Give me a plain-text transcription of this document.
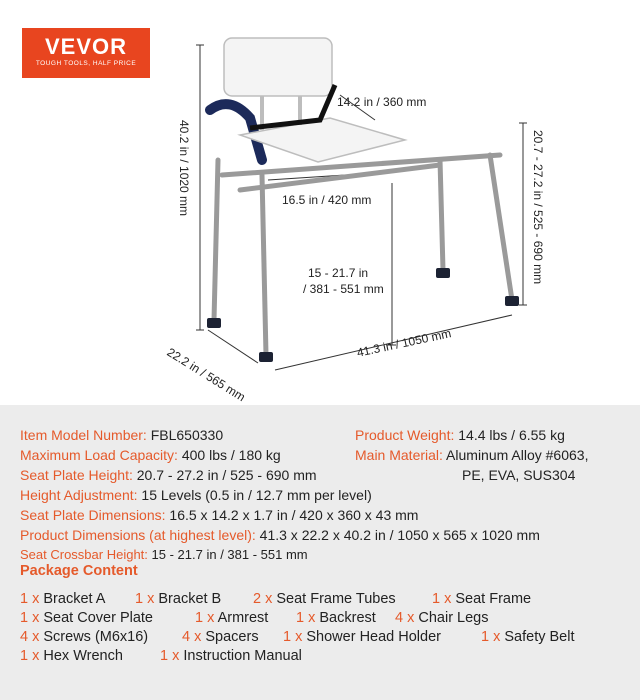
VEVOR
TOUGH TOOLS, HALF PRICE
14.2 in / 360 mm
16.5 in / 420 mm
15 - 21.7 in
/ 381 - 551 mm
41.3 in / 1050 mm
22.2 in / 565 mm
40.2 in / 1020 mm	20.7 - 27.2 in / 525 - 690 mm
Item Model Number: FBL650330	Product Weight: 14.4 lbs / 6.55 kg
Maximum Load Capacity: 400 lbs / 180 kg	Main Material: Aluminum Alloy #6063,
PE, EVA, SUS304
Seat Plate Height: 20.7 - 27.2 in / 525 - 690 mm
Height Adjustment: 15 Levels (0.5 in / 12.7 mm per level)
Seat Plate Dimensions: 16.5 x 14.2 x 1.7 in / 420 x 360 x 43 mm
Product Dimensions (at highest level): 41.3 x 22.2 x 40.2 in / 1050 x 565 x 1020 mm
Seat Crossbar Height: 15 - 21.7 in / 381 - 551 mm
Package Content
1 x Bracket A 1 x Bracket B 2 x Seat Frame Tubes	1 x Seat Frame
1 x Seat Cover Plate	1 x Armrest 1 x Backrest 4 x Chair Legs
4 x Screws (M6x16) 4 x Spacers 1 x Shower Head Holder	1 x Safety Belt
1 x Hex Wrench	1 x Instruction Manual
